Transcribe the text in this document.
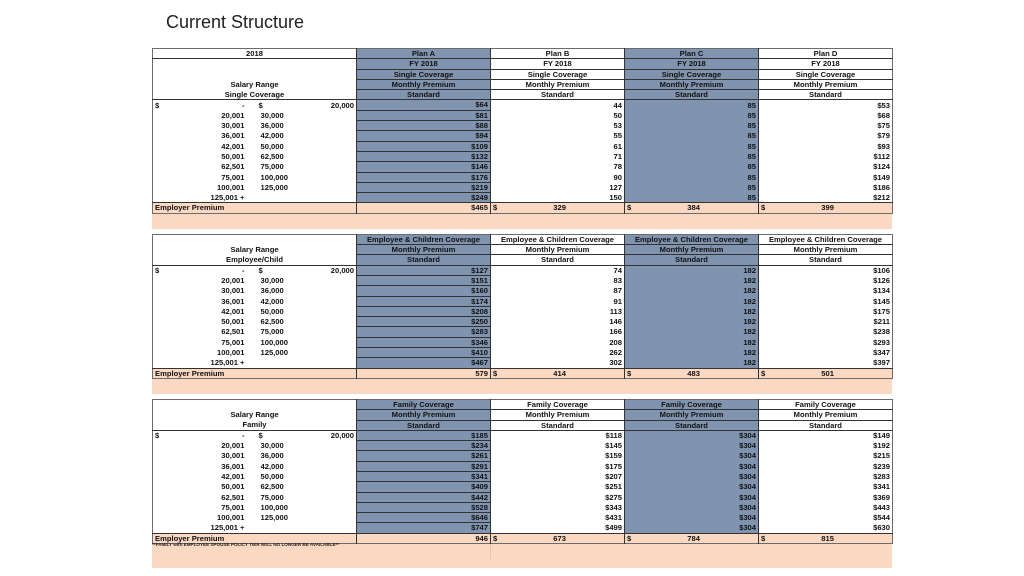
Current Structure
2018		Plan A	Plan B	Plan C	Plan D
		FY 2018	FY 2018	FY 2018	FY 2018
		Single Coverage	Single Coverage	Single Coverage	Single Coverage
Salary Range		Monthly Premium	Monthly Premium	Monthly Premium	Monthly Premium
Single Coverage		Standard	Standard	Standard	Standard

$ -	$ 20,000	$64	44	85	$53

20,001	30,000	$81	50	85	$68

30,001	36,000	$88	53	85	$75

36,001	42,000	$94	55	85	$79

42,001	50,000	$109	61	85	$93

50,001	62,500	$132	71	85	$112

62,501	75,000	$146	78	85	$124

75,001	100,000	$176	90	85	$149

100,001	125,000	$219	127	85	$186

125,001 +		$249	150	85	$212
Employer Premium		$465	$ 329	$ 384	$ 399
		Employee & Children Coverage	Employee & Children Coverage	Employee & Children Coverage	Employee & Children Coverage
Salary Range		Monthly Premium	Monthly Premium	Monthly Premium	Monthly Premium
Employee/Child		Standard	Standard	Standard	Standard

$ -	$ 20,000	$127	74	182	$106

20,001	30,000	$151	83	182	$126

30,001	36,000	$160	87	182	$134

36,001	42,000	$174	91	182	$145

42,001	50,000	$208	113	182	$175

50,001	62,500	$250	146	182	$211

62,501	75,000	$283	166	182	$238

75,001	100,000	$346	208	182	$293

100,001	125,000	$410	262	182	$347

125,001 +		$467	302	182	$397
Employer Premium		579	$ 414	$ 483	$ 501
		Family Coverage	Family Coverage	Family Coverage	Family Coverage
Salary Range		Monthly Premium	Monthly Premium	Monthly Premium	Monthly Premium
Family		Standard	Standard	Standard	Standard

$ -	$ 20,000	$185	$118	$304	$149

20,001	30,000	$234	$145	$304	$192

30,001	36,000	$261	$159	$304	$215

36,001	42,000	$291	$175	$304	$239

42,001	50,000	$341	$207	$304	$283

50,001	62,500	$409	$251	$304	$341

62,501	75,000	$442	$275	$304	$369

75,001	100,000	$528	$343	$304	$443

100,001	125,000	$646	$431	$304	$544

125,001 +		$747	$499	$304	$630
Employer Premium		946	$ 673	$ 784	$ 815
**FAMILY with EMPLOYEE SPOUSE POLICY TIER WILL NO LONGER BE AVAILABLE**
